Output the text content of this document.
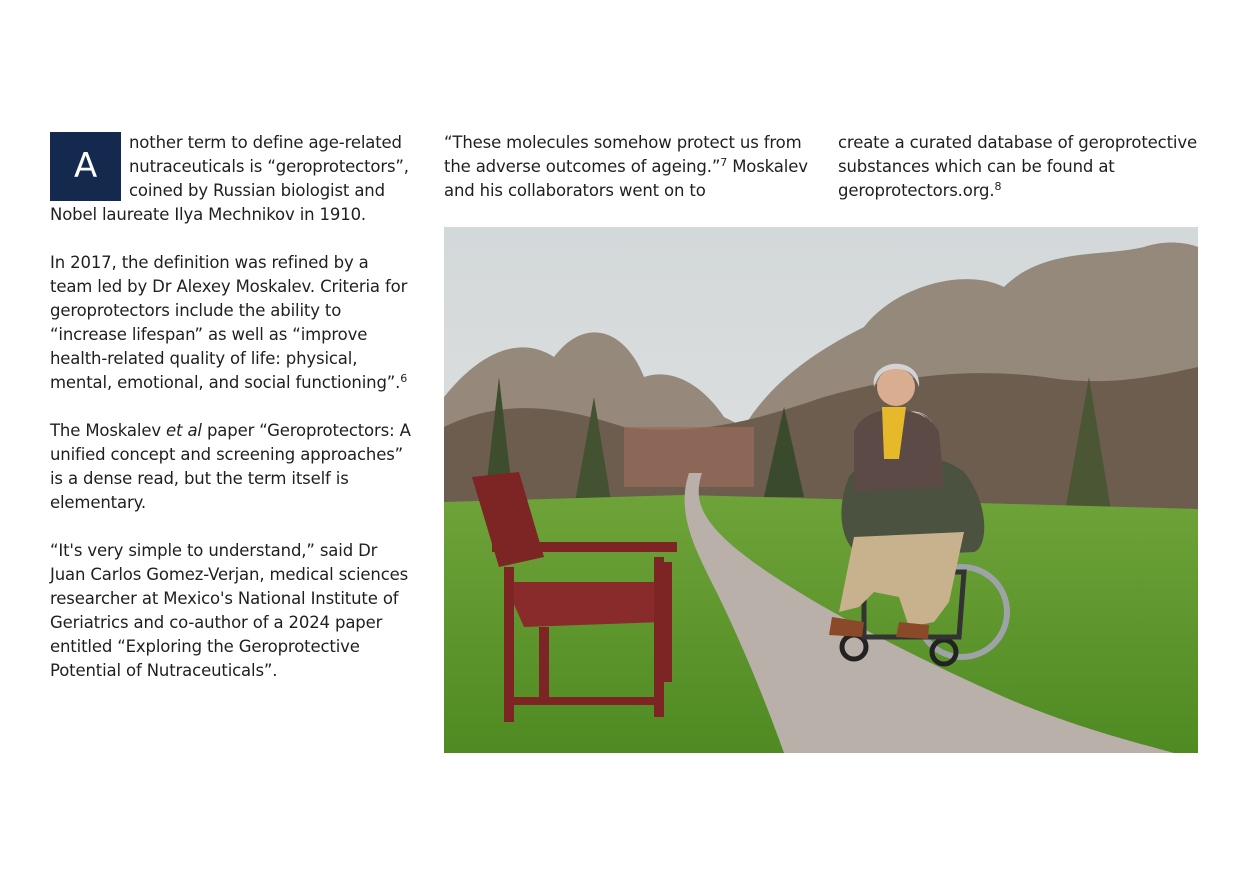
A
nother term to define age-related nutraceuticals is “geroprotectors”, coined by Russian biologist and Nobel laureate Ilya Mechnikov in 1910.

In 2017, the definition was refined by a team led by Dr Alexey Moskalev. Criteria for geroprotectors include the ability to “increase lifespan” as well as “improve health-related quality of life: physical, mental, emotional, and social functioning”.$^6$

The Moskalev et al paper “Geroprotectors: A unified concept and screening approaches” is a dense read, but the term itself is elementary.

“It's very simple to understand,” said Dr Juan Carlos Gomez-Verjan, medical sciences researcher at Mexico's National Institute of Geriatrics and co-author of a 2024 paper entitled “Exploring the Geroprotective Potential of Nutraceuticals”.

“These molecules somehow protect us from the adverse outcomes of ageing.”$^7$ Moskalev and his collaborators went on to

create a curated database of geroprotective substances which can be found at geroprotectors.org.$^8$
